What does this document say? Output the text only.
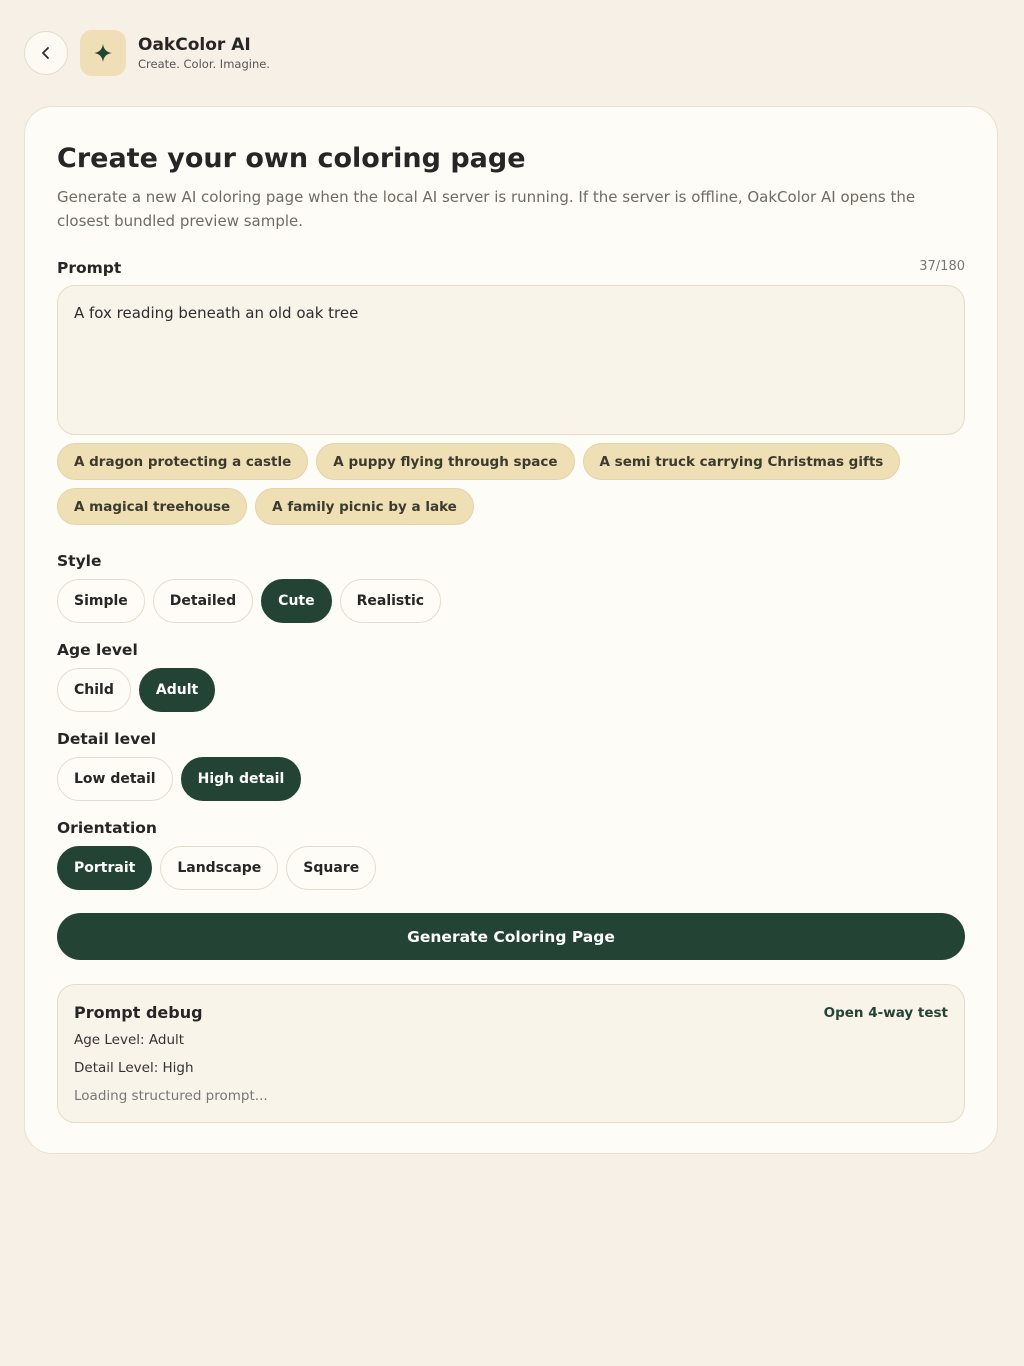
OakColor AI
Create. Color. Imagine.
Create your own coloring page

Generate a new AI coloring page when the local AI server is running. If the server is offline, OakColor AI opens the closest bundled preview sample.

Prompt	37/180
A fox reading beneath an old oak tree
A dragon protecting a castle	A puppy flying through space	A semi truck carrying Christmas gifts
A magical treehouse	A family picnic by a lake
Style
Simple	Detailed	Cute	Realistic
Age level
Child	Adult
Detail level
Low detail	High detail
Orientation
Portrait	Landscape	Square
Generate Coloring Page
Prompt debug	Open 4-way test
Age Level: Adult
Detail Level: High
Loading structured prompt...
